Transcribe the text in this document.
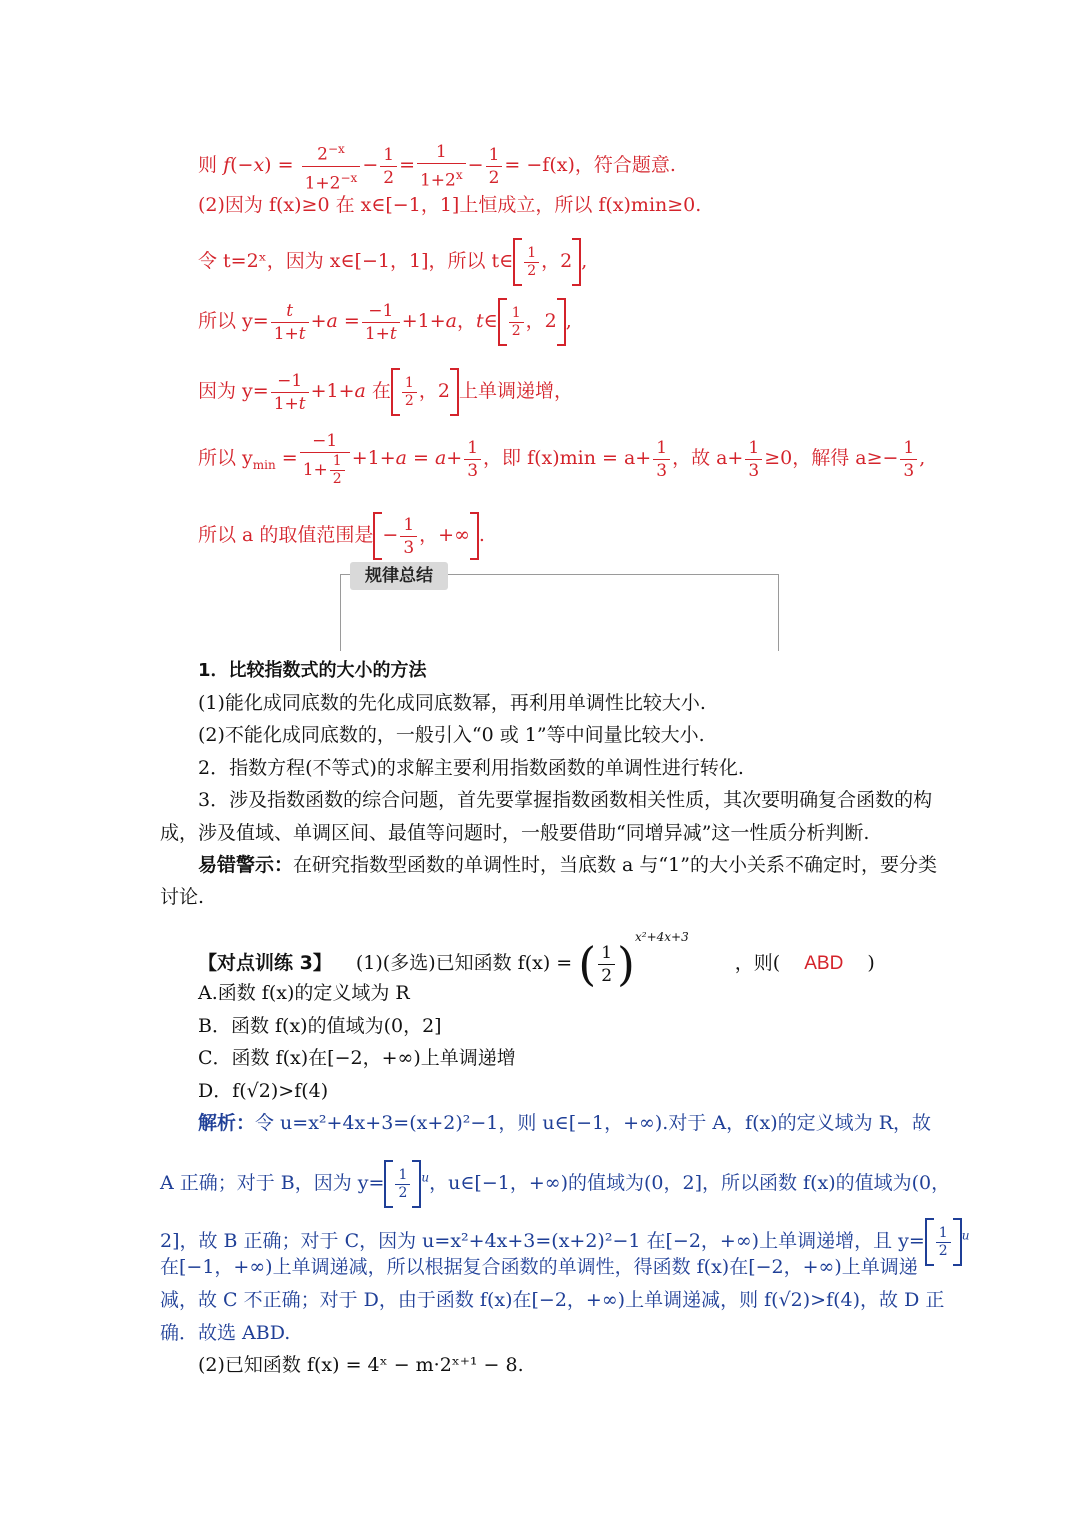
则 $f(-x) = \frac{2^{-x}}{1+2^{-x}} - \frac{1}{2} = \frac{1}{1+2^x} - \frac{1}{2} = -f(x)$，符合题意.
(2)因为 f(x)≥0 在 x∈[−1，1]上恒成立，所以 f(x)min≥0.
令 t=2ˣ，因为 x∈[−1，1]，所以 t∈ $\frac{1}{2}$ ，2 ,
所以 $y= \frac{t}{1+t} +a = \frac{-1}{1+t} +1+a$，t∈ $\frac{1}{2}$ ，2 ,
因为 $y= \frac{-1}{1+t} +1+a$ 在 $\frac{1}{2}$ ，2 上单调递增，
所以 $y_{min} = \frac{-1}{1+ \frac{1}{2}} +1+a = a+ \frac{1}{3}$ ，即 $f(x)\min = a+ \frac{1}{3}$ ，故 $a+ \frac{1}{3} \ge 0$，解得 $a\ge- \frac{1}{3}$ ,
所以 a 的取值范围是 − $\frac{1}{3}$ ，+∞ .
规律总结
1．比较指数式的大小的方法
(1)能化成同底数的先化成同底数幂，再利用单调性比较大小.
(2)不能化成同底数的，一般引入“0 或 1”等中间量比较大小.
2．指数方程(不等式)的求解主要利用指数函数的单调性进行转化.
3．涉及指数函数的综合问题，首先要掌握指数函数相关性质，其次要明确复合函数的构
成，涉及值域、单调区间、最值等问题时，一般要借助“同增异减”这一性质分析判断.
易错警示：在研究指数型函数的单调性时，当底数 a 与“1”的大小关系不确定时，要分类
讨论.
【对点训练 3】 (1)(多选)已知函数 f(x) = ( $\frac{1}{2} )^{x^2+4x+3}$ ，则( ABD )
A.函数 f(x)的定义域为 R
B．函数 f(x)的值域为(0，2]
C．函数 f(x)在[−2，+∞)上单调递增
D．f(√2)>f(4)
解析：令 u=x²+4x+3=(x+2)²−1，则 u∈[−1，+∞).对于 A，f(x)的定义域为 R，故
A 正确；对于 B，因为 $y= \frac{1}{2} ^u$，u∈[−1，+∞)的值域为(0，2]，所以函数 f(x)的值域为(0，
2]，故 B 正确；对于 C，因为 u=x²+4x+3=(x+2)²−1 在[−2，+∞)上单调递增，且 $y= \frac{1}{2} ^u$
在[−1，+∞)上单调递减，所以根据复合函数的单调性，得函数 f(x)在[−2，+∞)上单调递
减，故 C 不正确；对于 D，由于函数 f(x)在[−2，+∞)上单调递减，则 f(√2)>f(4)，故 D 正
确．故选 ABD.
(2)已知函数 f(x) = 4ˣ − m·2ˣ⁺¹ − 8.
